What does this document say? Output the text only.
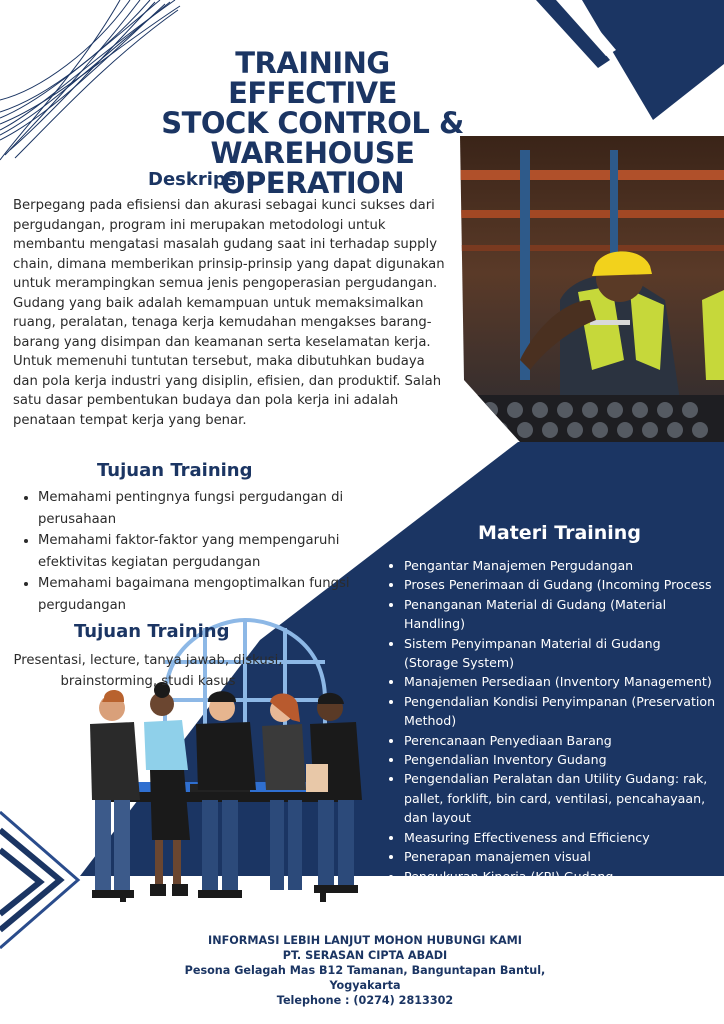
TRAINING EFFECTIVE
STOCK CONTROL &
WAREHOUSE
OPERATION
Deskripsi

Berpegang pada efisiensi dan akurasi sebagai kunci sukses dari pergudangan, program ini merupakan metodologi untuk membantu mengatasi masalah gudang saat ini terhadap supply chain, dimana memberikan prinsip-prinsip yang dapat digunakan untuk merampingkan semua jenis pengoperasian pergudangan. Gudang yang baik adalah kemampuan untuk memaksimalkan ruang, peralatan, tenaga kerja kemudahan mengakses barang-barang yang disimpan dan keamanan serta keselamatan kerja. Untuk memenuhi tuntutan tersebut, maka dibutuhkan budaya dan pola kerja industri yang disiplin, efisien, dan produktif. Salah satu dasar pembentukan budaya dan pola kerja ini adalah penataan tempat kerja yang benar.

Tujuan Training
• Memahami pentingnya fungsi pergudangan di perusahaan
• Memahami faktor-faktor yang mempengaruhi efektivitas kegiatan pergudangan
• Memahami bagaimana mengoptimalkan fungsi pergudangan
Tujuan Training

Presentasi, lecture, tanya jawab, diskusi, brainstorming, studi kasus

Materi Training
• Pengantar Manajemen Pergudangan
• Proses Penerimaan di Gudang (Incoming Process
• Penanganan Material di Gudang (Material Handling)
• Sistem Penyimpanan Material di Gudang (Storage System)
• Manajemen Persediaan (Inventory Management)
• Pengendalian Kondisi Penyimpanan (Preservation Method)
• Perencanaan Penyediaan Barang
• Pengendalian Inventory Gudang
• Pengendalian Peralatan dan Utility Gudang: rak, pallet, forklift, bin card, ventilasi, pencahayaan, dan layout
• Measuring Effectiveness and Efficiency
• Penerapan manajemen visual
• Pengukuran Kinerja (KPI) Gudang
• Studi Kasus
INFORMASI LEBIH LANJUT MOHON HUBUNGI KAMI
PT. SERASAN CIPTA ABADI
Pesona Gelagah Mas B12 Tamanan, Banguntapan Bantul, Yogyakarta
Telephone : (0274) 2813302
